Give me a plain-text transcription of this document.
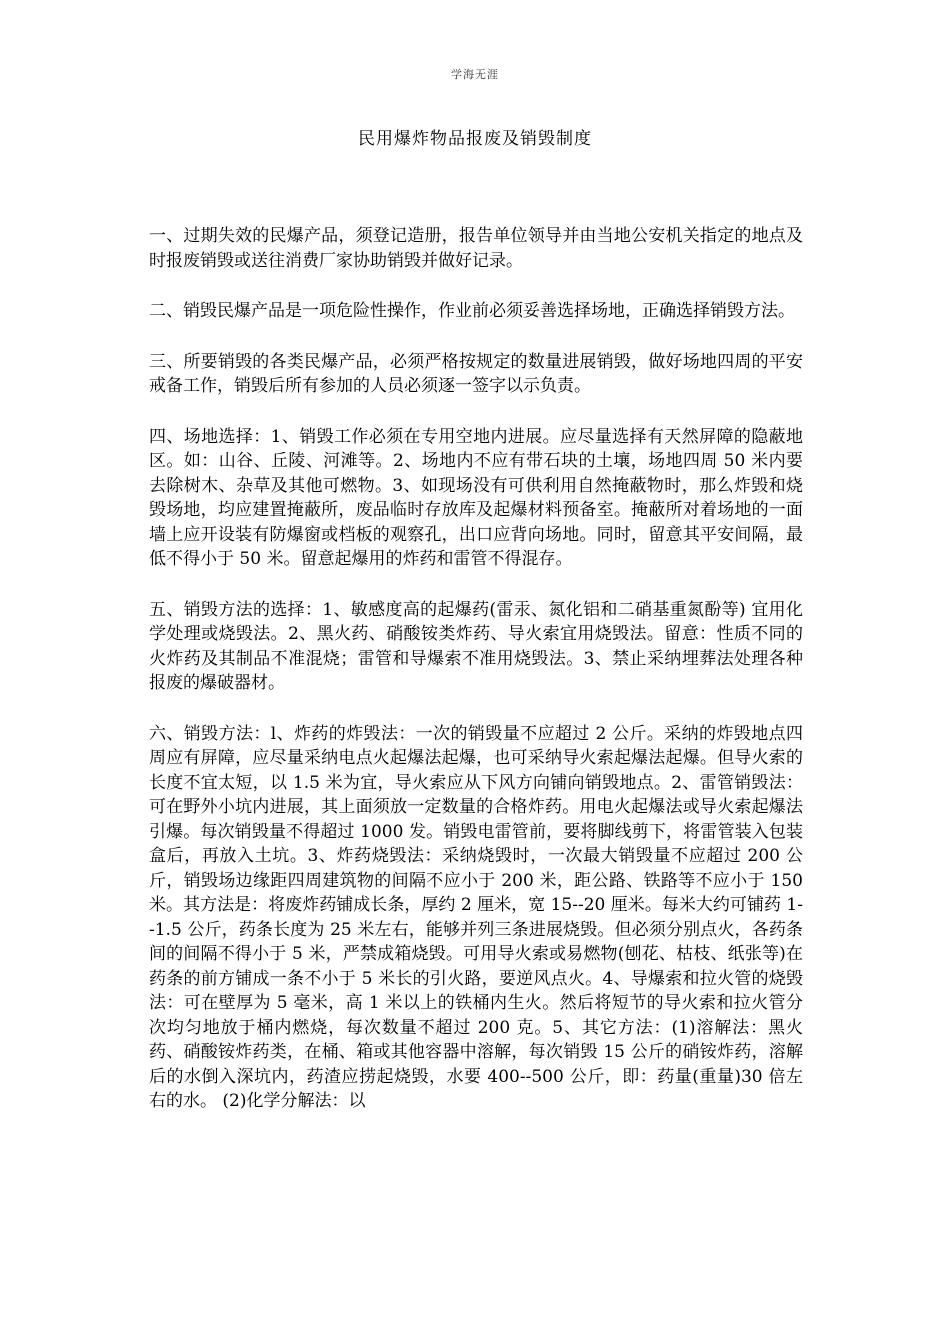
学海无涯
民用爆炸物品报废及销毁制度

一、过期失效的民爆产品，须登记造册，报告单位领导并由当地公安机关指定的地点及时报废销毁或送往消费厂家协助销毁并做好记录。

二、销毁民爆产品是一项危险性操作，作业前必须妥善选择场地，正确选择销毁方法。

三、所要销毁的各类民爆产品，必须严格按规定的数量进展销毁，做好场地四周的平安戒备工作，销毁后所有参加的人员必须逐一签字以示负责。

四、场地选择：1、销毁工作必须在专用空地内进展。应尽量选择有天然屏障的隐蔽地区。如：山谷、丘陵、河滩等。2、场地内不应有带石块的土壤，场地四周 50 米内要去除树木、杂草及其他可燃物。3、如现场没有可供利用自然掩蔽物时，那么炸毁和烧毁场地，均应建置掩蔽所，废品临时存放库及起爆材料预备室。掩蔽所对着场地的一面墙上应开设装有防爆窗或档板的观察孔，出口应背向场地。同时，留意其平安间隔，最低不得小于 50 米。留意起爆用的炸药和雷管不得混存。

五、销毁方法的选择：1、敏感度高的起爆药(雷汞、氮化铝和二硝基重氮酚等) 宜用化学处理或烧毁法。2、黑火药、硝酸铵类炸药、导火索宜用烧毁法。留意：性质不同的火炸药及其制品不准混烧；雷管和导爆索不准用烧毁法。3、禁止采纳埋葬法处理各种报废的爆破器材。

六、销毁方法：l、炸药的炸毁法：一次的销毁量不应超过 2 公斤。采纳的炸毁地点四周应有屏障，应尽量采纳电点火起爆法起爆，也可采纳导火索起爆法起爆。但导火索的长度不宜太短，以 1.5 米为宜，导火索应从下风方向铺向销毁地点。2、雷管销毁法：可在野外小坑内进展，其上面须放一定数量的合格炸药。用电火起爆法或导火索起爆法引爆。每次销毁量不得超过 1000 发。销毁电雷管前，要将脚线剪下，将雷管装入包装盒后，再放入土坑。3、炸药烧毁法：采纳烧毁时，一次最大销毁量不应超过 200 公斤，销毁场边缘距四周建筑物的间隔不应小于 200 米，距公路、铁路等不应小于 150 米。其方法是：将废炸药铺成长条，厚约 2 厘米，宽 15--20 厘米。每米大约可铺药 1--1.5 公斤，药条长度为 25 米左右，能够并列三条进展烧毁。但必须分别点火，各药条间的间隔不得小于 5 米，严禁成箱烧毁。可用导火索或易燃物(刨花、枯枝、纸张等)在药条的前方铺成一条不小于 5 米长的引火路，要逆风点火。4、导爆索和拉火管的烧毁法：可在壁厚为 5 毫米，高 1 米以上的铁桶内生火。然后将短节的导火索和拉火管分次均匀地放于桶内燃烧，每次数量不超过 200 克。5、其它方法：(1)溶解法：黑火药、硝酸铵炸药类，在桶、箱或其他容器中溶解，每次销毁 15 公斤的硝铵炸药，溶解后的水倒入深坑内，药渣应捞起烧毁，水要 400--500 公斤，即：药量(重量)30 倍左右的水。 (2)化学分解法：以
